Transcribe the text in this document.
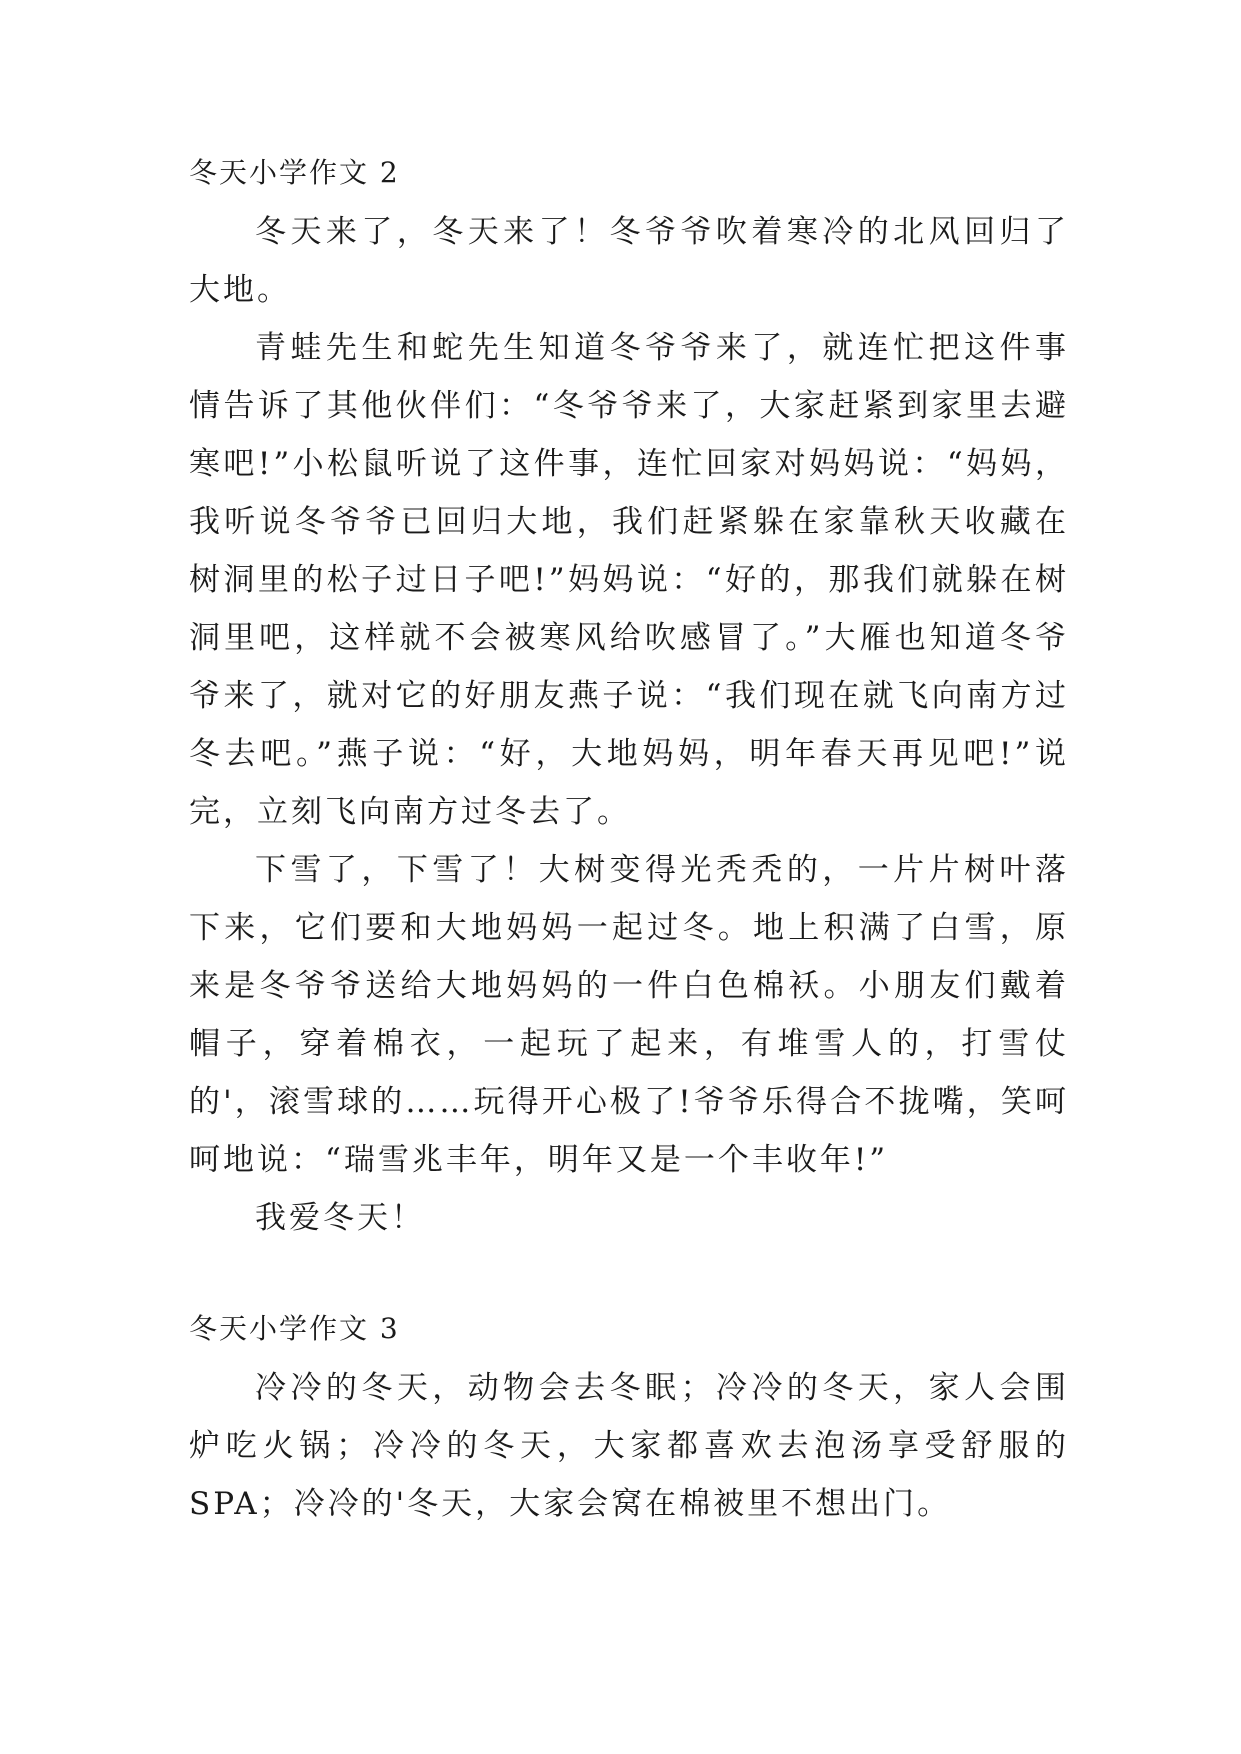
冬天小学作文 2

冬天来了，冬天来了！冬爷爷吹着寒冷的北风回归了大地。

青蛙先生和蛇先生知道冬爷爷来了，就连忙把这件事情告诉了其他伙伴们：“冬爷爷来了，大家赶紧到家里去避寒吧!”小松鼠听说了这件事，连忙回家对妈妈说：“妈妈，我听说冬爷爷已回归大地，我们赶紧躲在家靠秋天收藏在树洞里的松子过日子吧!”妈妈说：“好的，那我们就躲在树洞里吧，这样就不会被寒风给吹感冒了。”大雁也知道冬爷爷来了，就对它的好朋友燕子说：“我们现在就飞向南方过冬去吧。”燕子说：“好，大地妈妈，明年春天再见吧!”说完，立刻飞向南方过冬去了。

下雪了，下雪了！大树变得光秃秃的，一片片树叶落下来，它们要和大地妈妈一起过冬。地上积满了白雪，原来是冬爷爷送给大地妈妈的一件白色棉袄。小朋友们戴着帽子，穿着棉衣，一起玩了起来，有堆雪人的，打雪仗的'，滚雪球的……玩得开心极了!爷爷乐得合不拢嘴，笑呵呵地说：“瑞雪兆丰年，明年又是一个丰收年!”

我爱冬天！

冬天小学作文 3

冷冷的冬天，动物会去冬眠；冷冷的冬天，家人会围炉吃火锅；冷冷的冬天，大家都喜欢去泡汤享受舒服的SPA；冷冷的'冬天，大家会窝在棉被里不想出门。
